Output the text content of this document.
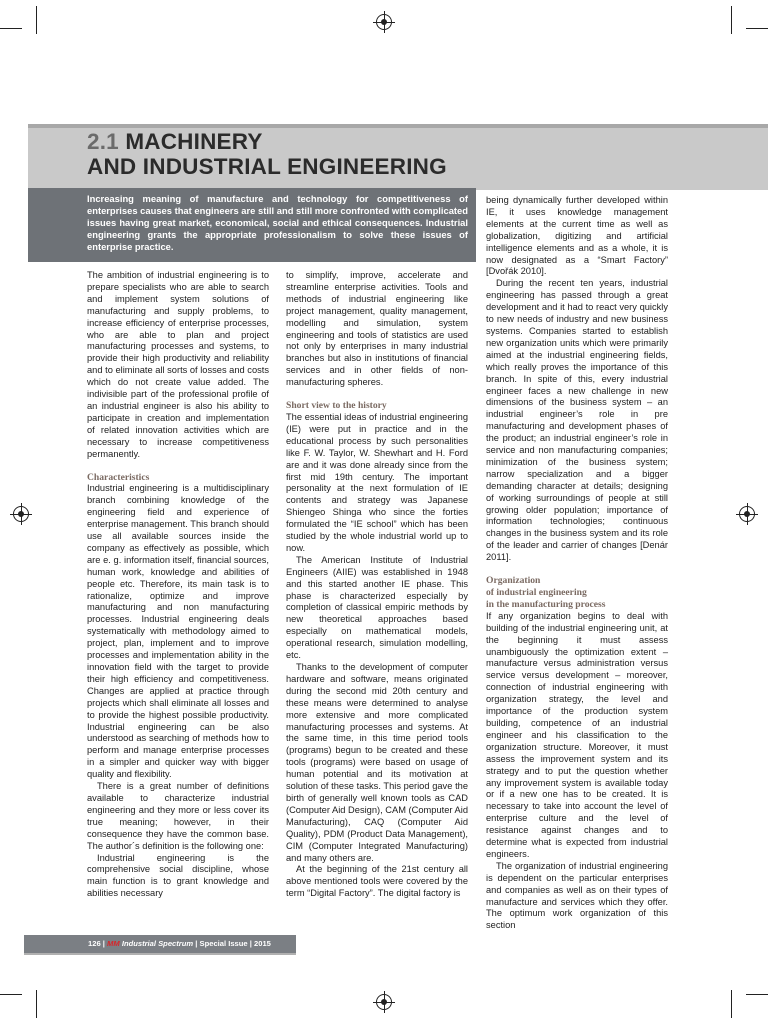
2.1 MACHINERY
AND INDUSTRIAL ENGINEERING

Increasing meaning of manufacture and technology for competitiveness of enterprises causes that engineers are still and still more confronted with complicated issues having great market, economical, social and ethical consequences. Industrial engineering grants the appropriate professionalism to solve these issues of enterprise practice.

The ambition of industrial engineering is to prepare specialists who are able to search and implement system solutions of manufacturing and supply problems, to increase efficiency of enterprise processes, who are able to plan and project manufacturing processes and systems, to provide their high productivity and reliability and to eliminate all sorts of losses and costs which do not create value added. The indivisible part of the professional profile of an industrial engineer is also his ability to participate in creation and implementation of related innovation activities which are necessary to increase competitiveness permanently.

Characteristics

Industrial engineering is a multidisciplinary branch combining knowledge of the engineering field and experience of enterprise management. This branch should use all available sources inside the company as effectively as possible, which are e. g. information itself, financial sources, human work, knowledge and abilities of people etc. Therefore, its main task is to rationalize, optimize and improve manufacturing and non manufacturing processes. Industrial engineering deals systematically with methodology aimed to project, plan, implement and to improve processes and implementation ability in the innovation field with the target to provide their high efficiency and competitiveness. Changes are applied at practice through projects which shall eliminate all losses and to provide the highest possible productivity. Industrial engineering can be also understood as searching of methods how to perform and manage enterprise processes in a simpler and quicker way with bigger quality and flexibility.

There is a great number of definitions available to characterize industrial engineering and they more or less cover its true meaning; however, in their consequence they have the common base. The author´s definition is the following one:

Industrial engineering is the comprehensive social discipline, whose main function is to grant knowledge and abilities necessary

to simplify, improve, accelerate and streamline enterprise activities. Tools and methods of industrial engineering like project management, quality management, modelling and simulation, system engineering and tools of statistics are used not only by enterprises in many industrial branches but also in institutions of financial services and in other fields of non-manufacturing spheres.

Short view to the history

The essential ideas of industrial engineering (IE) were put in practice and in the educational process by such personalities like F. W. Taylor, W. Shewhart and H. Ford are and it was done already since from the first mid 19th century. The important personality at the next formulation of IE contents and strategy was Japanese Shiengeo Shinga who since the forties formulated the “IE school” which has been studied by the whole industrial world up to now.

The American Institute of Industrial Engineers (AIIE) was established in 1948 and this started another IE phase. This phase is characterized especially by completion of classical empiric methods by new theoretical approaches based especially on mathematical models, operational research, simulation modelling, etc.

Thanks to the development of computer hardware and software, means originated during the second mid 20th century and these means were determined to analyse more extensive and more complicated manufacturing processes and systems. At the same time, in this time period tools (programs) begun to be created and these tools (programs) were based on usage of human potential and its motivation at solution of these tasks. This period gave the birth of generally well known tools as CAD (Computer Aid Design), CAM (Computer Aid Manufacturing), CAQ (Computer Aid Quality), PDM (Product Data Management), CIM (Computer Integrated Manufacturing) and many others are.

At the beginning of the 21st century all above mentioned tools were covered by the term “Digital Factory”. The digital factory is

being dynamically further developed within IE, it uses knowledge management elements at the current time as well as globalization, digitizing and artificial intelligence elements and as a whole, it is now designated as a “Smart Factory” [Dvořák 2010].

During the recent ten years, industrial engineering has passed through a great development and it had to react very quickly to new needs of industry and new business systems. Companies started to establish new organization units which were primarily aimed at the industrial engineering fields, which really proves the importance of this branch. In spite of this, every industrial engineer faces a new challenge in new dimensions of the business system – an industrial engineer’s role in pre manufacturing and development phases of the product; an industrial engineer’s role in service and non manufacturing companies; minimization of the business system; narrow specialization and a bigger demanding character at details; designing of working surroundings of people at still growing older population; importance of information technologies; continuous changes in the business system and its role of the leader and carrier of changes [Denár 2011].

Organization
of industrial engineering
in the manufacturing process

If any organization begins to deal with building of the industrial engineering unit, at the beginning it must assess unambiguously the optimization extent – manufacture versus administration versus service versus development – moreover, connection of industrial engineering with organization strategy, the level and importance of the production system building, competence of an industrial engineer and his classification to the organization structure. Moreover, it must assess the improvement system and its strategy and to put the question whether any improvement system is available today or if a new one has to be created. It is necessary to take into account the level of enterprise culture and the level of resistance against changes and to determine what is expected from industrial engineers.

The organization of industrial engineering is dependent on the particular enterprises and companies as well as on their types of manufacture and services which they offer. The optimum work organization of this section

126 | MM Industrial Spectrum | Special Issue | 2015
